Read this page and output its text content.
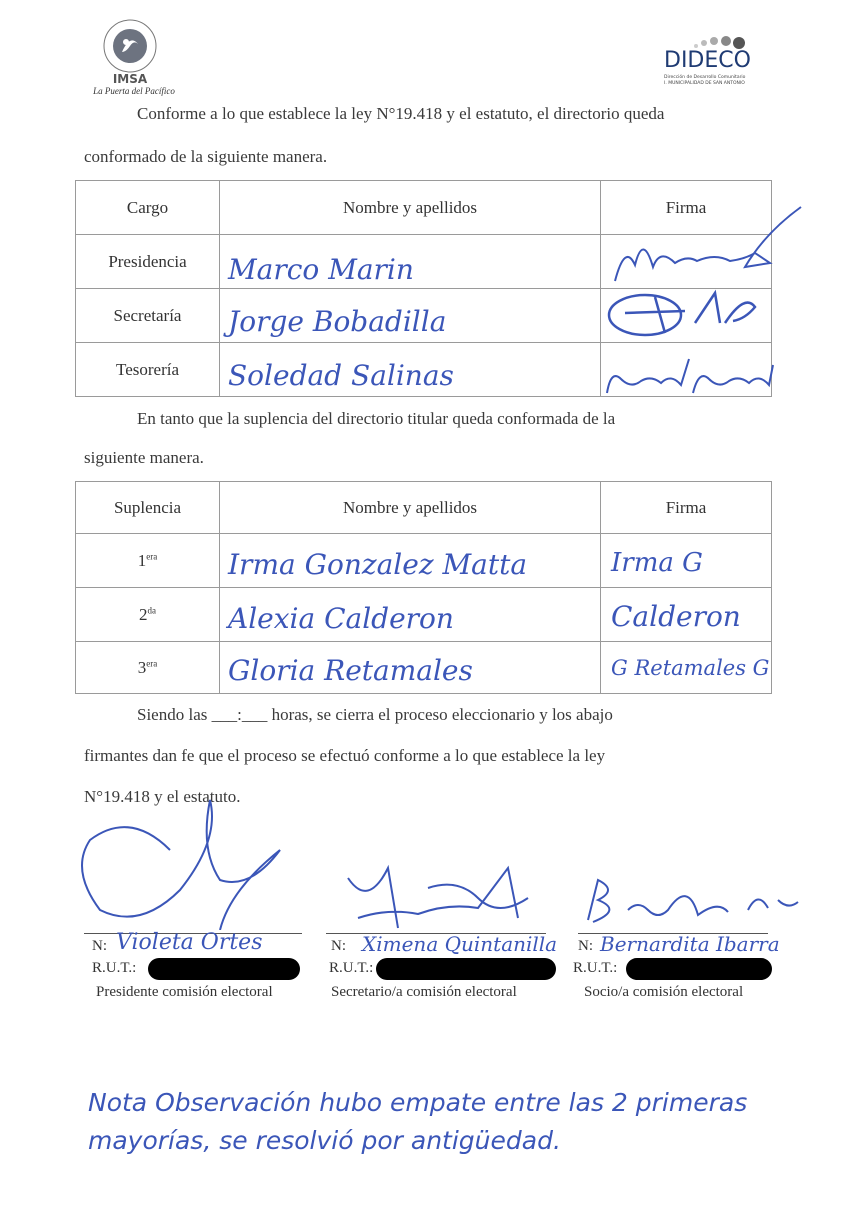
IMSA
La Puerta del Pacífico
DIDECO
Dirección de Desarrollo Comunitario
I. MUNICIPALIDAD DE SAN ANTONIO
Conforme a lo que establece la ley N°19.418 y el estatuto, el directorio queda
conformado de la siguiente manera.
Cargo	Nombre y apellidos	Firma
Presidencia	Marco Marin

Secretaría	Jorge Bobadilla

Tesorería	Soledad Salinas

En tanto que la suplencia del directorio titular queda conformada de la
siguiente manera.
Suplencia	Nombre y apellidos	Firma
$1^{era}$	Irma Gonzalez Matta	Irma G

$2^{da}$	Alexia Calderon	Calderon

$3^{era}$	Gloria Retamales	G Retamales G
Siendo las ___:___ horas, se cierra el proceso eleccionario y los abajo
firmantes dan fe que el proceso se efectuó conforme a lo que establece la ley
N°19.418 y el estatuto.
N: Violeta Ortes
R.U.T.:
Presidente comisión electoral
N: Ximena Quintanilla
R.U.T.:
Secretario/a comisión electoral
N: Bernardita Ibarra
R.U.T.:
Socio/a comisión electoral
Nota Observación hubo empate entre las 2 primeras
mayorías, se resolvió por antigüedad.
